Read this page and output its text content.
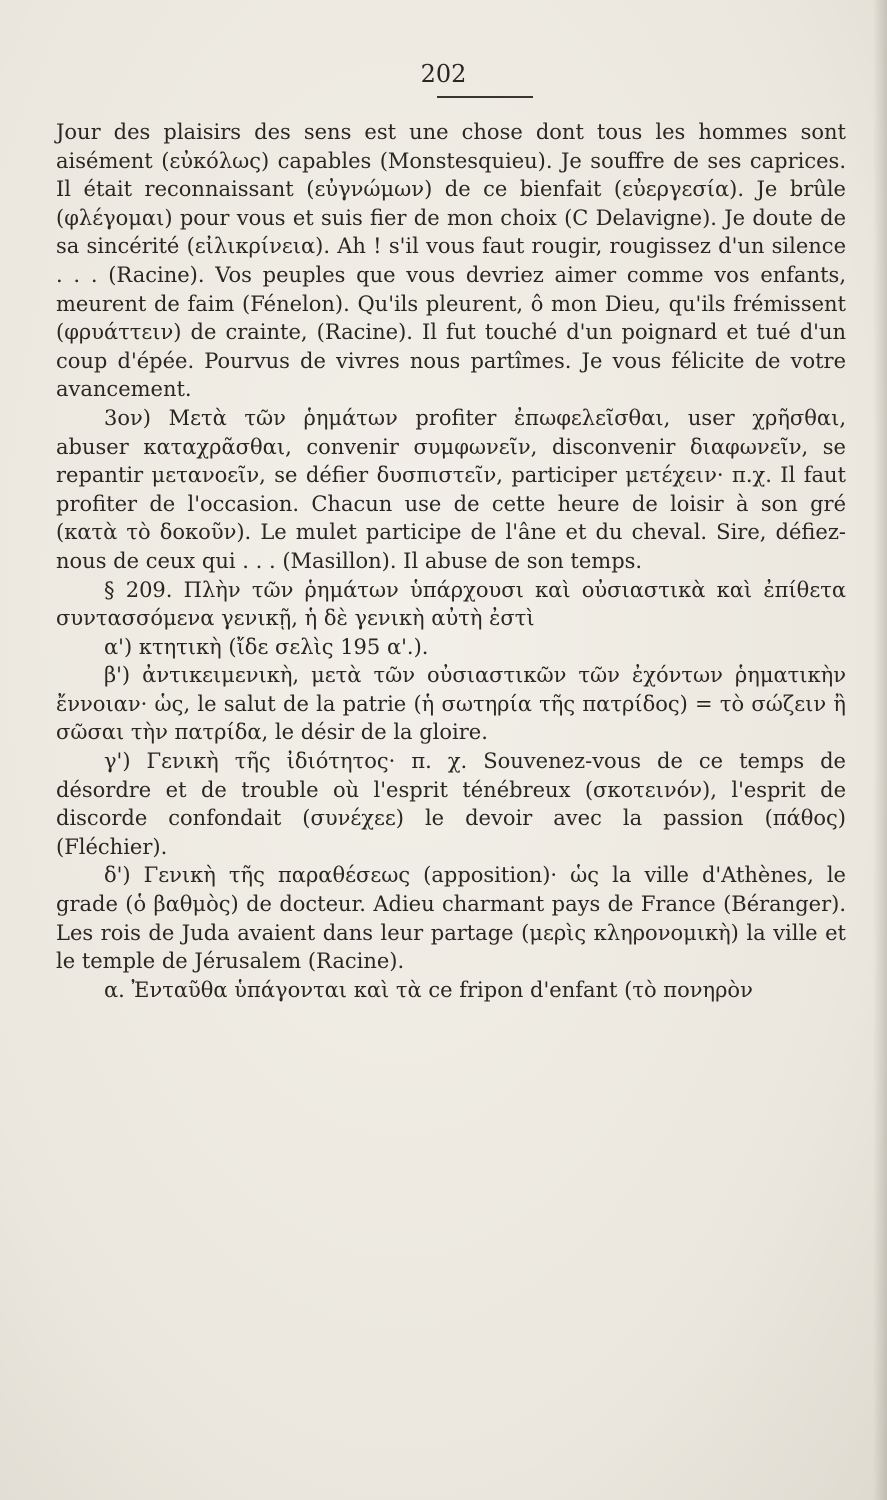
202

Jour des plaisirs des sens est une chose dont tous les hommes sont aisément (εὐκόλως) capables (Monstesquieu). Je souffre de ses caprices. Il était reconnaissant (εὐγνώμων) de ce bienfait (εὐεργεσία). Je brûle (φλέγομαι) pour vous et suis fier de mon choix (C Delavigne). Je doute de sa sincérité (εἰλικρίνεια). Ah ! s'il vous faut rougir, rougissez d'un silence . . . (Racine). Vos peuples que vous devriez aimer comme vos enfants, meurent de faim (Fénelon). Qu'ils pleurent, ô mon Dieu, qu'ils frémissent (φρυάττειν) de crainte, (Racine). Il fut touché d'un poignard et tué d'un coup d'épée. Pourvus de vivres nous partîmes. Je vous félicite de votre avancement.

3ον) Μετὰ τῶν ῥημάτων profiter ἐπωφελεῖσθαι, user χρῆσθαι, abuser καταχρᾶσθαι, convenir συμφωνεῖν, disconvenir διαφωνεῖν, se repantir μετανοεῖν, se défier δυσπιστεῖν, participer μετέχειν· π.χ. Il faut profiter de l'occasion. Chacun use de cette heure de loisir à son gré (κατὰ τὸ δοκοῦν). Le mulet participe de l'âne et du cheval. Sire, défiez-nous de ceux qui . . . (Masillon). Il abuse de son temps.

§ 209. Πλὴν τῶν ῥημάτων ὑπάρχουσι καὶ οὐσιαστικὰ καὶ ἐπίθετα συντασσόμενα γενικῇ, ἡ δὲ γενικὴ αὐτὴ ἐστὶ

α') κτητικὴ (ἴδε σελὶς 195 α'.).

β') ἀντικειμενικὴ, μετὰ τῶν οὐσιαστικῶν τῶν ἐχόντων ῥηματικὴν ἔννοιαν· ὡς, le salut de la patrie (ἡ σωτηρία τῆς πατρίδος) = τὸ σώζειν ἢ σῶσαι τὴν πατρίδα, le désir de la gloire.

γ') Γενικὴ τῆς ἰδιότητος· π. χ. Souvenez-vous de ce temps de désordre et de trouble où l'esprit ténébreux (σκοτεινόν), l'esprit de discorde confondait (συνέχεε) le devoir avec la passion (πάθος) (Fléchier).

δ') Γενικὴ τῆς παραθέσεως (apposition)· ὡς la ville d'Athènes, le grade (ὁ βαθμὸς) de docteur. Adieu charmant pays de France (Béranger). Les rois de Juda avaient dans leur partage (μερὶς κληρονομικὴ) la ville et le temple de Jérusalem (Racine).

α. Ἐνταῦθα ὑπάγονται καὶ τὰ ce fripon d'enfant (τὸ πονηρὸν
